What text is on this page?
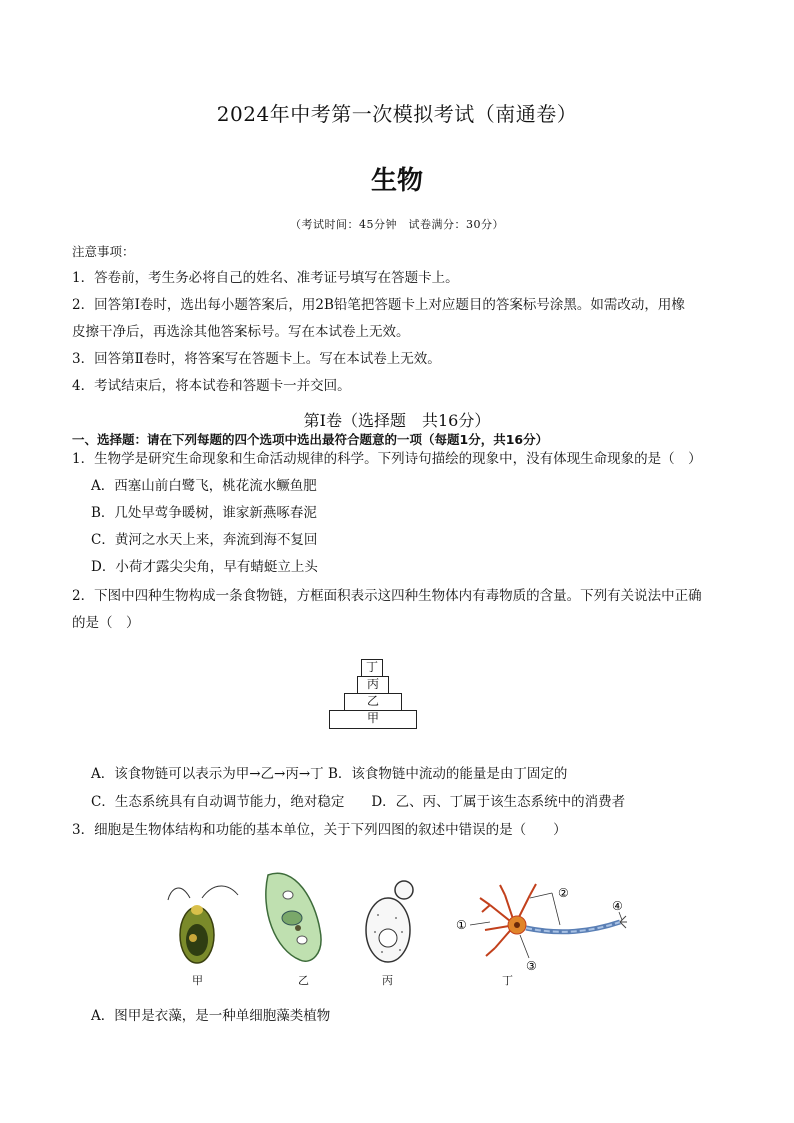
2024年中考第一次模拟考试（南通卷）
生物
（考试时间：45分钟　试卷满分：30分）
注意事项：
1．答卷前，考生务必将自己的姓名、准考证号填写在答题卡上。
2．回答第Ⅰ卷时，选出每小题答案后，用2B铅笔把答题卡上对应题目的答案标号涂黑。如需改动，用橡
皮擦干净后，再选涂其他答案标号。写在本试卷上无效。
3．回答第Ⅱ卷时，将答案写在答题卡上。写在本试卷上无效。
4．考试结束后，将本试卷和答题卡一并交回。
第Ⅰ卷（选择题　共16分）
一、选择题：请在下列每题的四个选项中选出最符合题意的一项（每题1分，共16分）
1．生物学是研究生命现象和生命活动规律的科学。下列诗句描绘的现象中，没有体现生命现象的是（　）
A．西塞山前白鹭飞，桃花流水鳜鱼肥
B．几处早莺争暖树，谁家新燕啄春泥
C．黄河之水天上来，奔流到海不复回
D．小荷才露尖尖角，早有蜻蜓立上头
2．下图中四种生物构成一条食物链，方框面积表示这四种生物体内有毒物质的含量。下列有关说法中正确
的是（　）
丁
丙
乙
甲
A．该食物链可以表示为甲→乙→丙→丁 B．该食物链中流动的能量是由丁固定的
C．生态系统具有自动调节能力，绝对稳定　　D．乙、丙、丁属于该生态系统中的消费者
3．细胞是生物体结构和功能的基本单位，关于下列四图的叙述中错误的是（　　）
②
①
③
④
甲	乙	丙	丁
A．图甲是衣藻，是一种单细胞藻类植物
